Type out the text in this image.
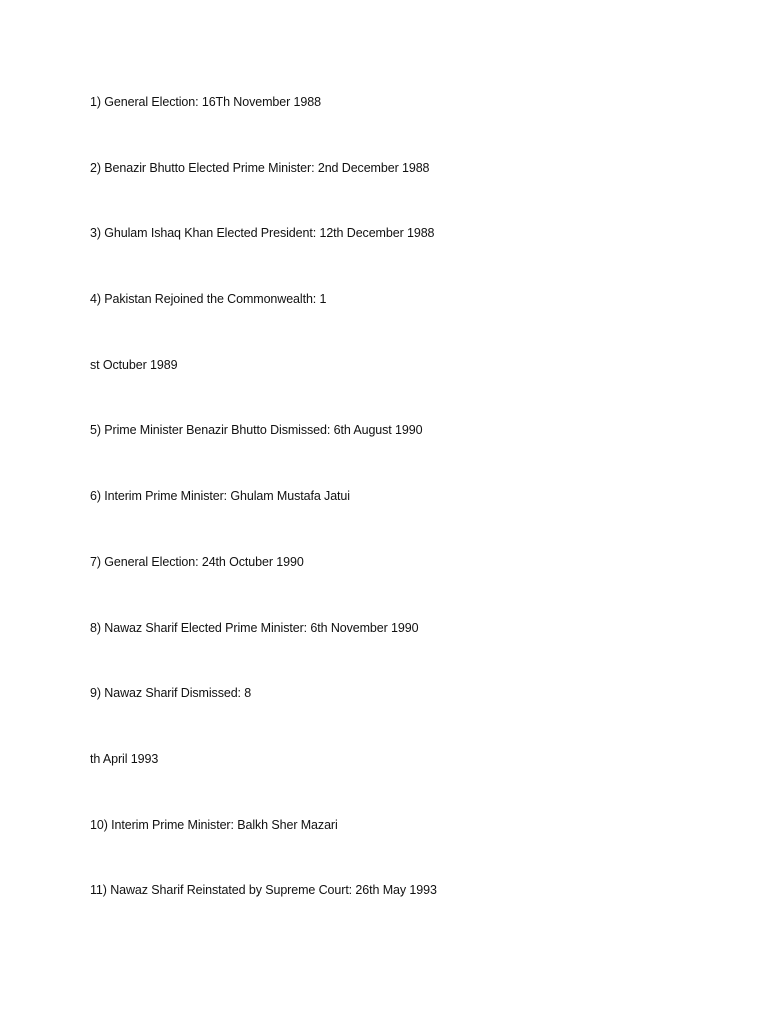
1) General Election: 16Th November 1988
2) Benazir Bhutto Elected Prime Minister: 2nd December 1988
3) Ghulam Ishaq Khan Elected President: 12th December 1988
4) Pakistan Rejoined the Commonwealth: 1
st Octuber 1989
5) Prime Minister Benazir Bhutto Dismissed: 6th August 1990
6) Interim Prime Minister: Ghulam Mustafa Jatui
7) General Election: 24th Octuber 1990
8) Nawaz Sharif Elected Prime Minister: 6th November 1990
9) Nawaz Sharif Dismissed: 8
th April 1993
10) Interim Prime Minister: Balkh Sher Mazari
11) Nawaz Sharif Reinstated by Supreme Court: 26th May 1993
